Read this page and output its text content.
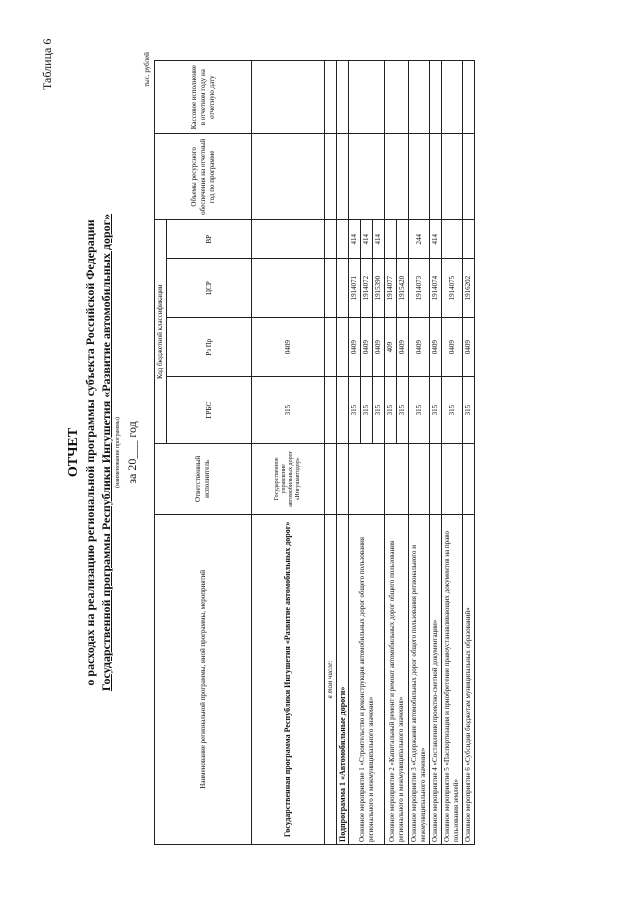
Таблица 6
ОТЧЕТ о расходах на реализацию региональной программы субъекта Российской Федерации Государственной программы Республики Ингушетия «Развитие автомобильных дорог» (наименование программы) за 20___ год
тыс. рублей
Наименование региональной программы, иной программы, мероприятий	Ответственный исполнитель	Код бюджетной классификации				Объемы ресурсного обеспечения на отчетный год по программе	Кассовое исполнение в отчетном году на отчетную дату
		ГРБС	Рз Пр	ЦСР	ВР		
Государственная программа Республики Ингушетия «Развитие автомобильных дорог»	Государственное управление автомобильных дорог «Ингушавтодор»	315	0409				
в том числе:							
Подпрограмма 1 «Автомобильные дороги»							
Основное мероприятие 1 «Строительство и реконструкция автомобильных дорог общего пользования регионального и межмуниципального значения»		315	0409	1914071	414		
		315	0409	1914072	414		
		315	0409	1915390	414		
Основное мероприятие 2 «Капитальный ремонт и ремонт автомобильных дорог общего пользования регионального и межмуниципального значения»		315	409	1914077			
		315	0409	1915420			
Основное мероприятие 3 «Содержание автомобильных дорог общего пользования регионального и межмуниципального значения»		315	0409	1914073	244		
Основное мероприятие 4 «Составление проектно-сметной документации»		315	0409	1914074	414		
Основное мероприятие 5 «Паспортизация и приобретение правоустанавливающих документов на право пользования землей»		315	0409	1914075			
Основное мероприятие 6 «Субсидии бюджетам муниципальных образований»		315	0409	1916202			
